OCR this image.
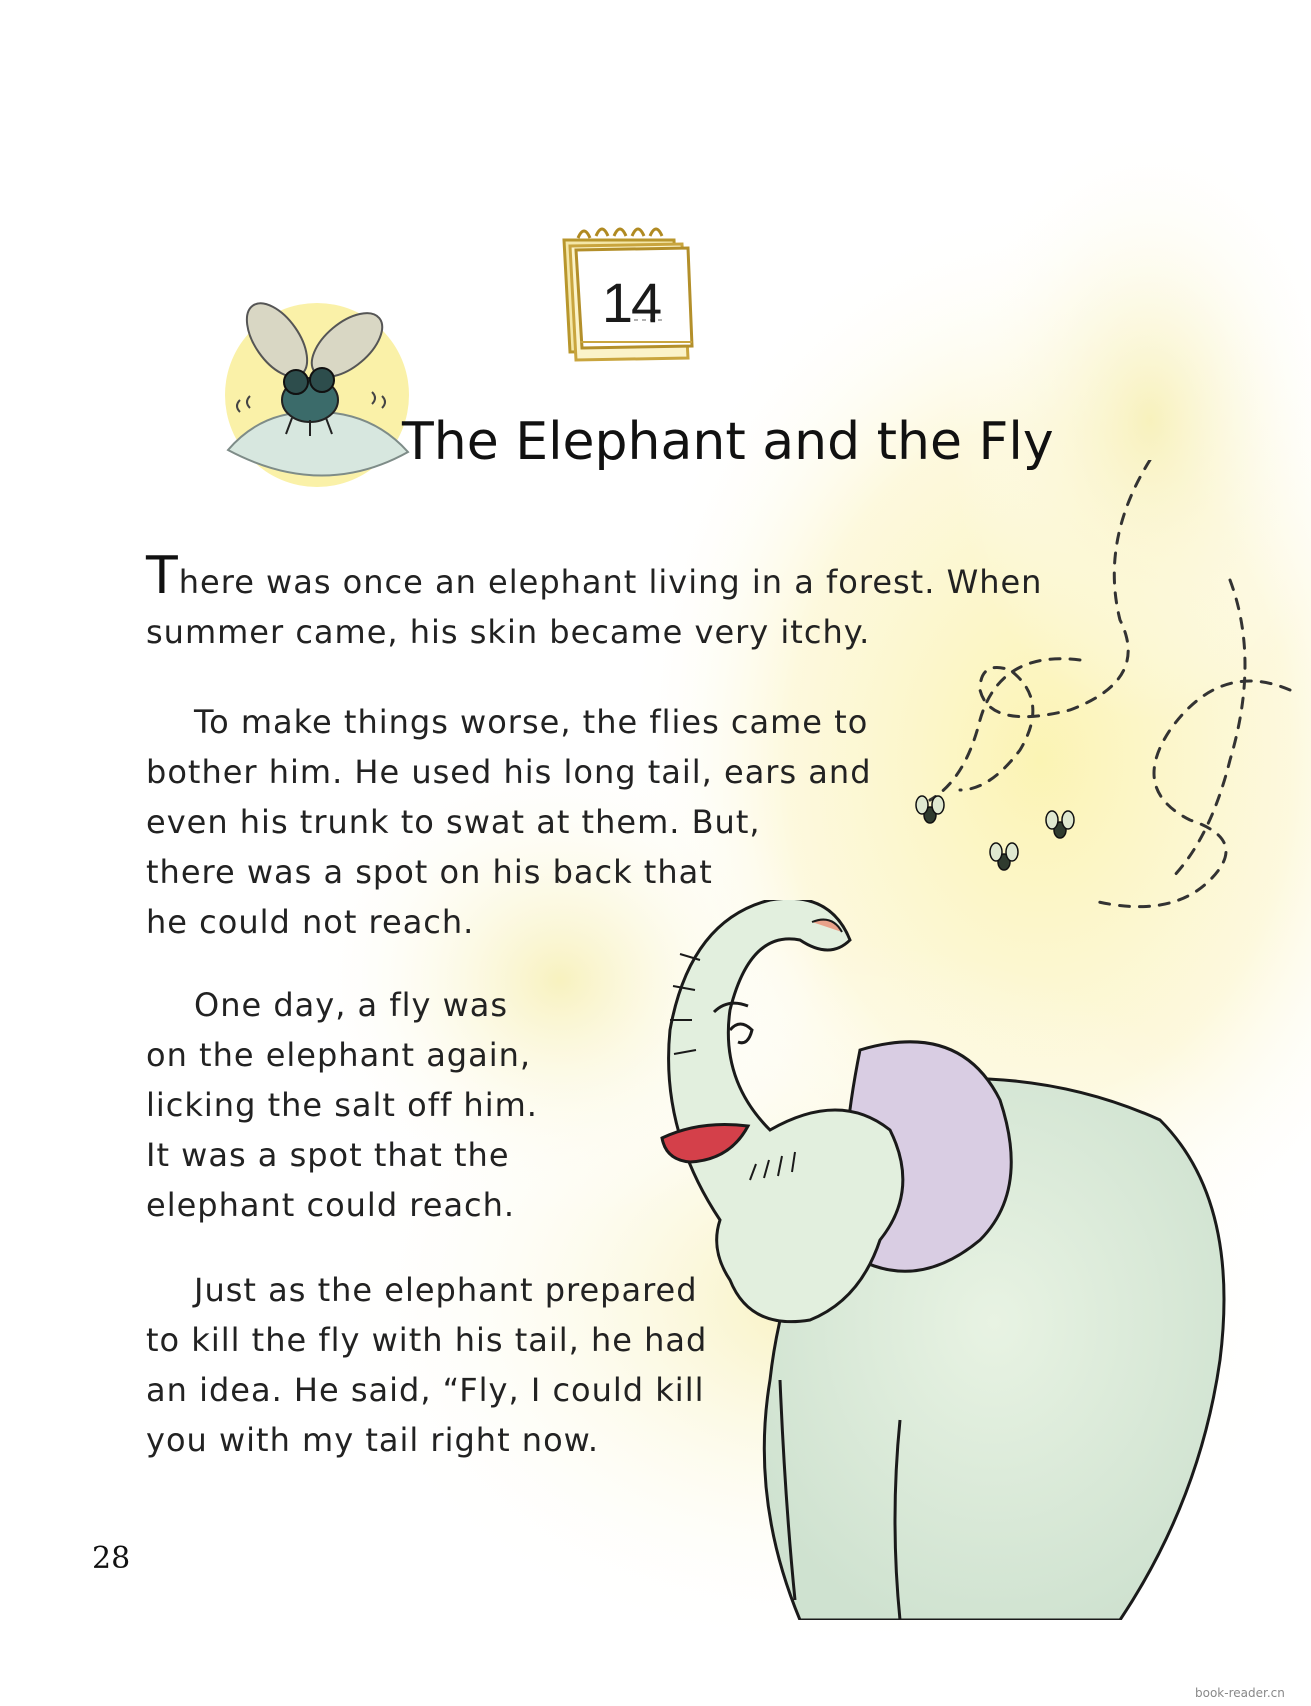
14
The Elephant and the Fly
There was once an elephant living in a forest. When
summer came, his skin became very itchy.
To make things worse, the flies came to
bother him. He used his long tail, ears and
even his trunk to swat at them. But,
there was a spot on his back that
he could not reach.
One day, a fly was
on the elephant again,
licking the salt off him.
It was a spot that the
elephant could reach.
Just as the elephant prepared
to kill the fly with his tail, he had
an idea. He said, “Fly, I could kill
you with my tail right now.
28
book-reader.cn
